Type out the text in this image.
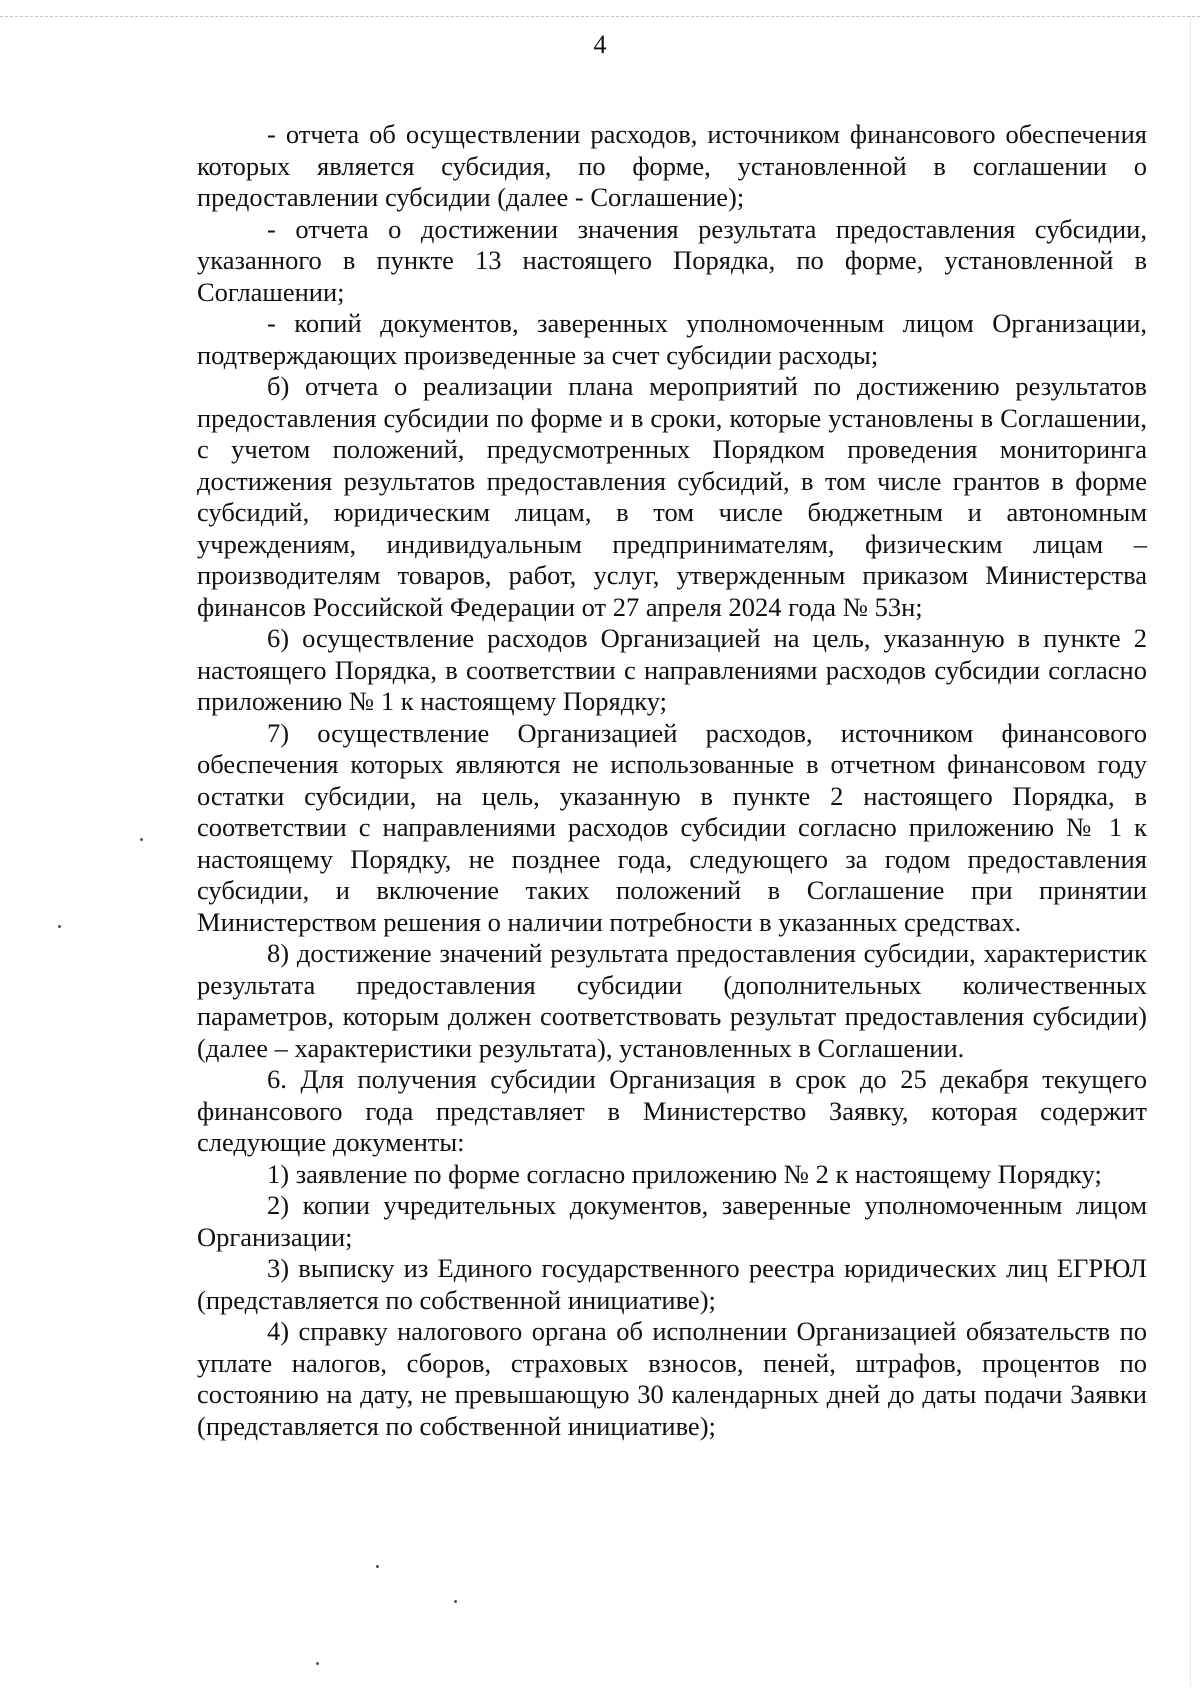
4

- отчета об осуществлении расходов, источником финансового обеспечения которых является субсидия, по форме, установленной в соглашении о предоставлении субсидии (далее - Соглашение);

- отчета о достижении значения результата предоставления субсидии, указанного в пункте 13 настоящего Порядка, по форме, установленной в Соглашении;

- копий документов, заверенных уполномоченным лицом Организации, подтверждающих произведенные за счет субсидии расходы;

б) отчета о реализации плана мероприятий по достижению результатов предоставления субсидии по форме и в сроки, которые установлены в Соглашении, с учетом положений, предусмотренных Порядком проведения мониторинга достижения результатов предоставления субсидий, в том числе грантов в форме субсидий, юридическим лицам, в том числе бюджетным и автономным учреждениям, индивидуальным предпринимателям, физическим лицам – производителям товаров, работ, услуг, утвержденным приказом Министерства финансов Российской Федерации от 27 апреля 2024 года № 53н;

6) осуществление расходов Организацией на цель, указанную в пункте 2 настоящего Порядка, в соответствии с направлениями расходов субсидии согласно приложению № 1 к настоящему Порядку;

7) осуществление Организацией расходов, источником финансового обеспечения которых являются не использованные в отчетном финансовом году остатки субсидии, на цель, указанную в пункте 2 настоящего Порядка, в соответствии с направлениями расходов субсидии согласно приложению № 1 к настоящему Порядку, не позднее года, следующего за годом предоставления субсидии, и включение таких положений в Соглашение при принятии Министерством решения о наличии потребности в указанных средствах.

8) достижение значений результата предоставления субсидии, характеристик результата предоставления субсидии (дополнительных количественных параметров, которым должен соответствовать результат предоставления субсидии) (далее – характеристики результата), установленных в Соглашении.

6. Для получения субсидии Организация в срок до 25 декабря текущего финансового года представляет в Министерство Заявку, которая содержит следующие документы:

1) заявление по форме согласно приложению № 2 к настоящему Порядку;

2) копии учредительных документов, заверенные уполномоченным лицом Организации;

3) выписку из Единого государственного реестра юридических лиц ЕГРЮЛ (представляется по собственной инициативе);

4) справку налогового органа об исполнении Организацией обязательств по уплате налогов, сборов, страховых взносов, пеней, штрафов, процентов по состоянию на дату, не превышающую 30 календарных дней до даты подачи Заявки (представляется по собственной инициативе);
